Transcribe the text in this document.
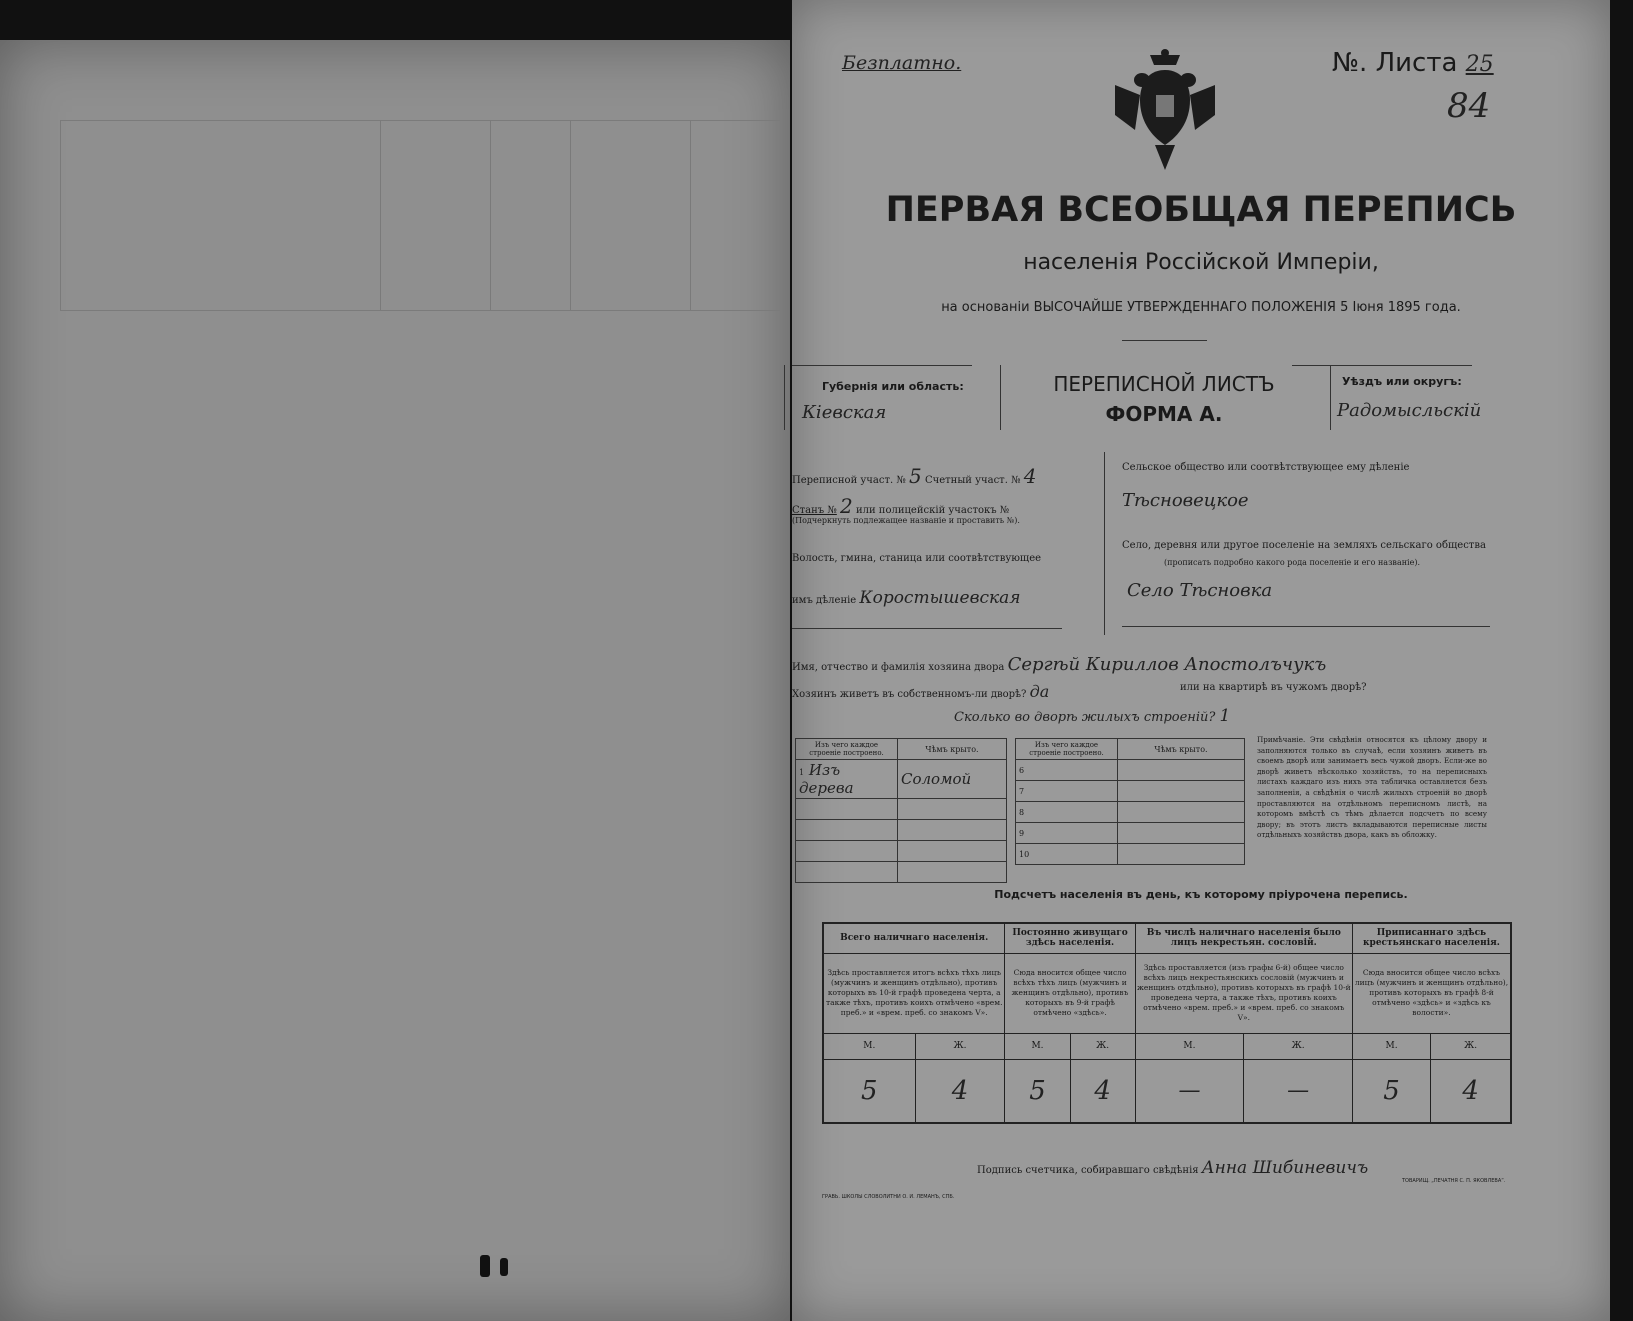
Безплатно.	№. Листа 25
84
ПЕРВАЯ ВСЕОБЩАЯ ПЕРЕПИСЬ
населенія Россійской Имперіи,
на основаніи ВЫСОЧАЙШЕ УТВЕРЖДЕННАГО ПОЛОЖЕНІЯ 5 Іюня 1895 года.
Губернія или область:
Кіевская
ПЕРЕПИСНОЙ ЛИСТЪ
ФОРМА А.
Уѣздъ или округъ:
Радомысльскій
Переписной участ. № 5 Счетный участ. № 4
Станъ № 2 или полицейскій участокъ №
(Подчеркнуть подлежащее названіе и проставить №).
Волость, гмина, станица или соотвѣтствующее
имъ дѣленіе Коростышевская
Сельское общество или соотвѣтствующее ему дѣленіе
Тѣсновецкое
Село, деревня или другое поселеніе на земляхъ сельскаго общества
(прописать подробно какого рода поселеніе и его названіе).
Село Тѣсновка
Имя, отчество и фамилія хозяина двора Сергѣй Кириллов Апостолъчукъ
Хозяинъ живетъ въ собственномъ-ли дворѣ? да	или на квартирѣ въ чужомъ дворѣ?
Сколько во дворѣ жилыхъ строеній? 1
Изъ чего каждое строеніе построено.	Чѣмъ крыто.
1 Изъ дерева	Соломой

Изъ чего каждое строеніе построено.	Чѣмъ крыто.
6	
7	
8	
9	
10	
Примѣчаніе. Эти свѣдѣнія относятся къ цѣлому двору и заполняются только въ случаѣ, если хозяинъ живетъ въ своемъ дворѣ или занимаетъ весь чужой дворъ. Если-же во дворѣ живетъ нѣсколько хозяйствъ, то на переписныхъ листахъ каждаго изъ нихъ эта табличка оставляется безъ заполненія, а свѣдѣнія о числѣ жилыхъ строеній во дворѣ проставляются на отдѣльномъ переписномъ листѣ, на которомъ вмѣстѣ съ тѣмъ дѣлается подсчетъ по всему двору; въ этотъ листъ вкладываются переписные листы отдѣльныхъ хозяйствъ двора, какъ въ обложку.
Подсчетъ населенія въ день, къ которому пріурочена перепись.
Всего наличнаго населенія.		Постоянно живущаго здѣсь населенія.		Въ числѣ наличнаго населенія было лицъ некрестьян. сословій.		Приписаннаго здѣсь крестьянскаго населенія.	
Здѣсь проставляется итогъ всѣхъ тѣхъ лицъ (мужчинъ и женщинъ отдѣльно), противъ которыхъ въ 10-й графѣ проведена черта, а также тѣхъ, противъ коихъ отмѣчено «врем. преб.» и «врем. преб. со знакомъ V».		Сюда вносится общее число всѣхъ тѣхъ лицъ (мужчинъ и женщинъ отдѣльно), противъ которыхъ въ 9-й графѣ отмѣчено «здѣсь».		Здѣсь проставляется (изъ графы 6-й) общее число всѣхъ лицъ некрестьянскихъ сословій (мужчинъ и женщинъ отдѣльно), противъ которыхъ въ графѣ 10-й проведена черта, а также тѣхъ, противъ коихъ отмѣчено «врем. преб.» и «врем. преб. со знакомъ V».		Сюда вносится общее число всѣхъ лицъ (мужчинъ и женщинъ отдѣльно), противъ которыхъ въ графѣ 8-й отмѣчено «здѣсь» и «здѣсь къ волости».	
М.	Ж.	М.	Ж.	М.	Ж.	М.	Ж.
5	4	5	4	—	—	5	4
Подпись счетчика, собиравшаго свѣдѣнія Анна Шибиневичъ
ГРАВЬ. ШКОЛЫ СЛОВОЛИТНИ О. И. ЛЕМАНЪ, СПБ.
ТОВАРИЩ. „ПЕЧАТНЯ С. П. ЯКОВЛЕВА“.
